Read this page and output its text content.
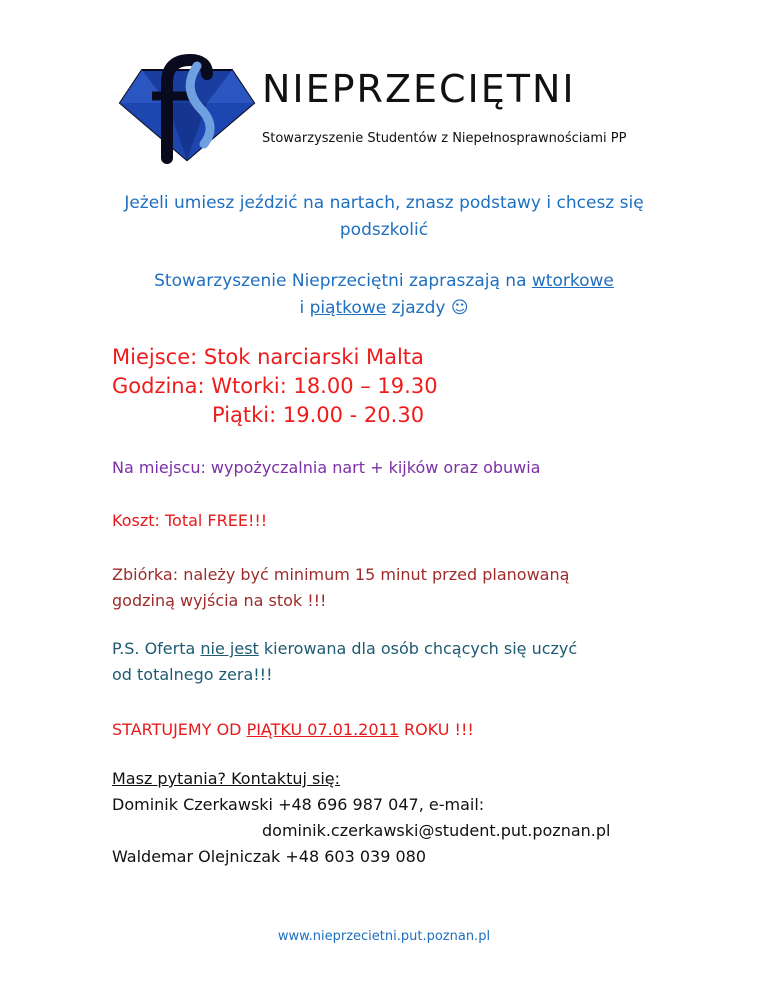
NIEPRZECIĘTNI

Stowarzyszenie Studentów z Niepełnosprawnościami PP

Jeżeli umiesz jeździć na nartach, znasz podstawy i chcesz się
podszkolić

Stowarzyszenie Nieprzeciętni zapraszają na wtorkowe
i piątkowe zjazdy ☺

Miejsce: Stok narciarski Malta
Godzina: Wtorki: 18.00 – 19.30
Piątki: 19.00 - 20.30

Na miejscu: wypożyczalnia nart + kijków oraz obuwia

Koszt: Total FREE!!!

Zbiórka: należy być minimum 15 minut przed planowaną
godziną wyjścia na stok !!!

P.S. Oferta nie jest kierowana dla osób chcących się uczyć
od totalnego zera!!!

STARTUJEMY OD PIĄTKU 07.01.2011 ROKU !!!

Masz pytania? Kontaktuj się:
Dominik Czerkawski +48 696 987 047, e-mail:
dominik.czerkawski@student.put.poznan.pl
Waldemar Olejniczak +48 603 039 080

www.nieprzecietni.put.poznan.pl
